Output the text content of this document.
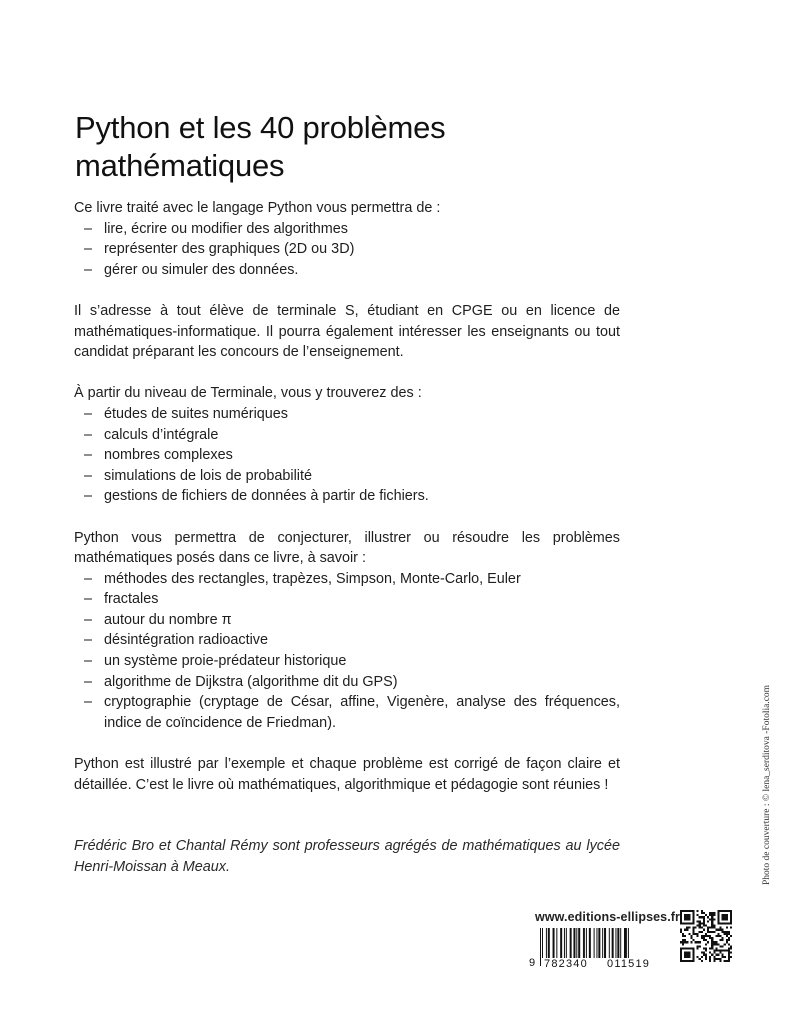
Python et les 40 problèmes
mathématiques

Ce livre traité avec le langage Python vous permettra de :

– lire, écrire ou modifier des algorithmes
– représenter des graphiques (2D ou 3D)
– gérer ou simuler des données.

Il s’adresse à tout élève de terminale S, étudiant en CPGE ou en licence de mathématiques-informatique. Il pourra également intéresser les enseignants ou tout candidat préparant les concours de l’enseignement.

À partir du niveau de Terminale, vous y trouverez des :

– études de suites numériques
– calculs d’intégrale
– nombres complexes
– simulations de lois de probabilité
– gestions de fichiers de données à partir de fichiers.

Python vous permettra de conjecturer, illustrer ou résoudre les problèmes mathématiques posés dans ce livre, à savoir :

– méthodes des rectangles, trapèzes, Simpson, Monte-Carlo, Euler
– fractales
– autour du nombre π
– désintégration radioactive
– un système proie-prédateur historique
– algorithme de Dijkstra (algorithme dit du GPS)
– cryptographie (cryptage de César, affine, Vigenère, analyse des fréquences, indice de coïncidence de Friedman).

Python est illustré par l’exemple et chaque problème est corrigé de façon claire et détaillée. C’est le livre où mathématiques, algorithmique et pédagogie sont réunies !

Frédéric Bro et Chantal Rémy sont professeurs agrégés de mathématiques au lycée Henri-Moissan à Meaux.	Photo de couverture : © lena_serditova -Fotolia.com
www.editions-ellipses.fr
9 782340 011519
